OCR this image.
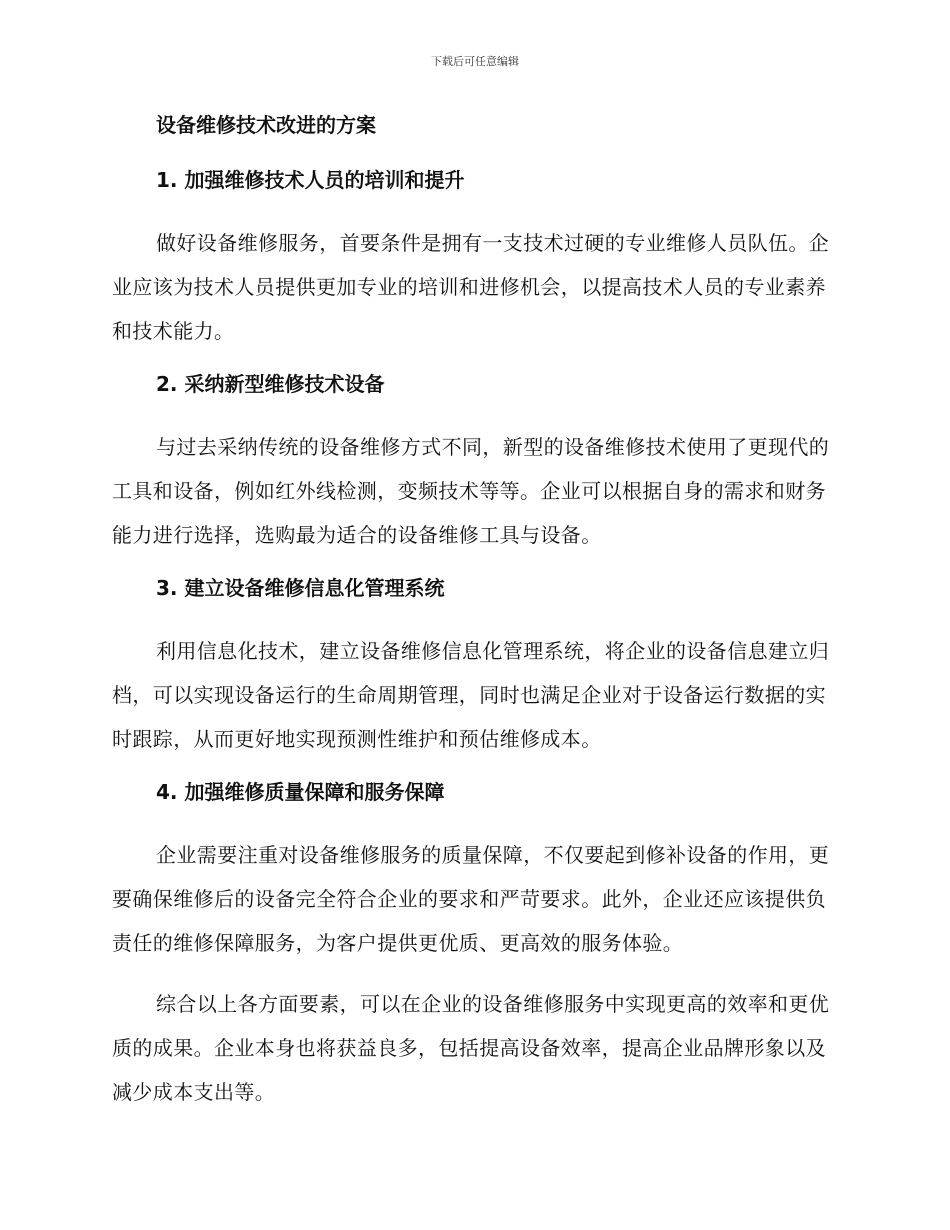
下载后可任意编辑
设备维修技术改进的方案
1. 加强维修技术人员的培训和提升

做好设备维修服务，首要条件是拥有一支技术过硬的专业维修人员队伍。企业应该为技术人员提供更加专业的培训和进修机会，以提高技术人员的专业素养和技术能力。

2. 采纳新型维修技术设备

与过去采纳传统的设备维修方式不同，新型的设备维修技术使用了更现代的工具和设备，例如红外线检测，变频技术等等。企业可以根据自身的需求和财务能力进行选择，选购最为适合的设备维修工具与设备。

3. 建立设备维修信息化管理系统

利用信息化技术，建立设备维修信息化管理系统，将企业的设备信息建立归档，可以实现设备运行的生命周期管理，同时也满足企业对于设备运行数据的实时跟踪，从而更好地实现预测性维护和预估维修成本。

4. 加强维修质量保障和服务保障

企业需要注重对设备维修服务的质量保障，不仅要起到修补设备的作用，更要确保维修后的设备完全符合企业的要求和严苛要求。此外，企业还应该提供负责任的维修保障服务，为客户提供更优质、更高效的服务体验。

综合以上各方面要素，可以在企业的设备维修服务中实现更高的效率和更优质的成果。企业本身也将获益良多，包括提高设备效率，提高企业品牌形象以及减少成本支出等。
